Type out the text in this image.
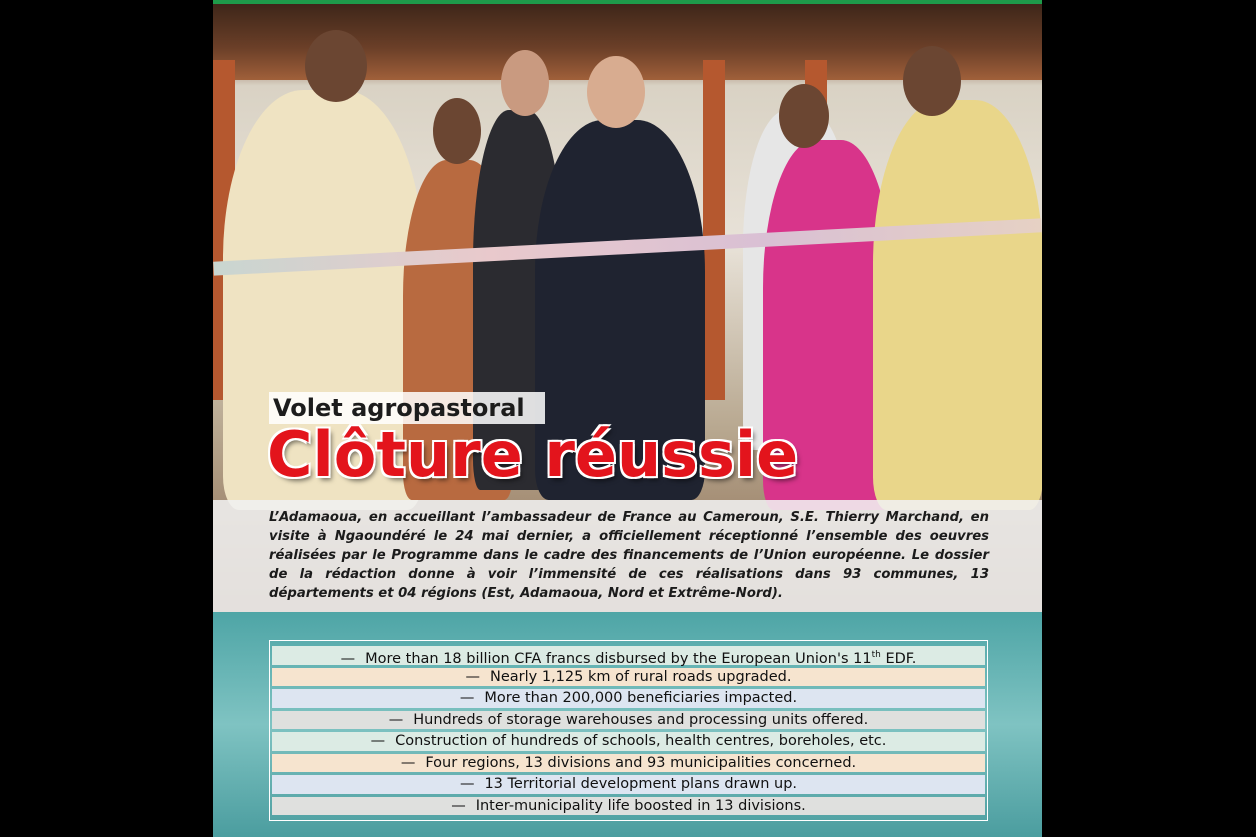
Volet agropastoral
Clôture réussie

L’Adamaoua, en accueillant l’ambassadeur de France au Cameroun, S.E. Thierry Marchand, en visite à Ngaoundéré le 24 mai dernier, a officiellement réceptionné l’ensemble des oeuvres réalisées par le Programme dans le cadre des financements de l’Union européenne. Le dossier de la rédaction donne à voir l’immensité de ces réalisations dans 93 communes, 13 départements et 04 régions (Est, Adamaoua, Nord et Extrême-Nord).

— More than 18 billion CFA francs disbursed by the European Union's 11th EDF.
— Nearly 1,125 km of rural roads upgraded.
— More than 200,000 beneficiaries impacted.
— Hundreds of storage warehouses and processing units offered.
— Construction of hundreds of schools, health centres, boreholes, etc.
— Four regions, 13 divisions and 93 municipalities concerned.
— 13 Territorial development plans drawn up.
— Inter-municipality life boosted in 13 divisions.
